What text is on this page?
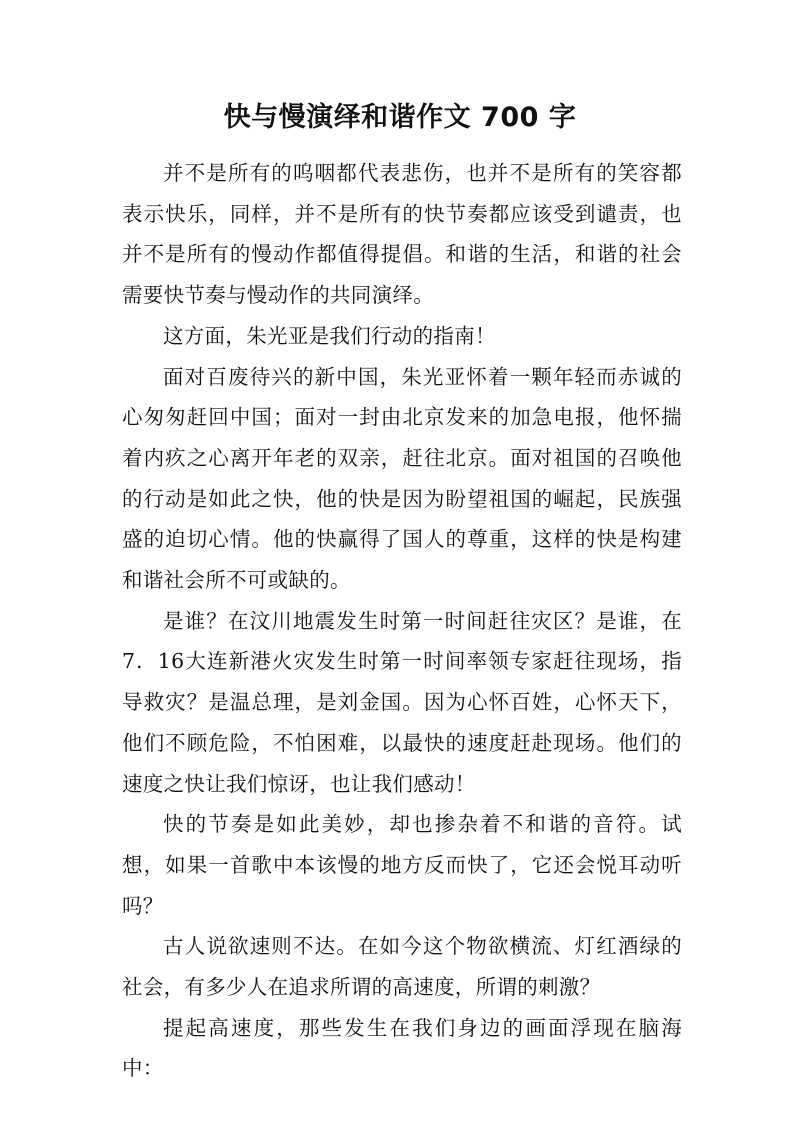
快与慢演绎和谐作文 700 字

并不是所有的呜咽都代表悲伤，也并不是所有的笑容都表示快乐，同样，并不是所有的快节奏都应该受到谴责，也并不是所有的慢动作都值得提倡。和谐的生活，和谐的社会需要快节奏与慢动作的共同演绎。

这方面，朱光亚是我们行动的指南！

面对百废待兴的新中国，朱光亚怀着一颗年轻而赤诚的心匆匆赶回中国；面对一封由北京发来的加急电报，他怀揣着内疚之心离开年老的双亲，赶往北京。面对祖国的召唤他的行动是如此之快，他的快是因为盼望祖国的崛起，民族强盛的迫切心情。他的快赢得了国人的尊重，这样的快是构建和谐社会所不可或缺的。

是谁？在汶川地震发生时第一时间赶往灾区？是谁，在7．16大连新港火灾发生时第一时间率领专家赶往现场，指导救灾？是温总理，是刘金国。因为心怀百姓，心怀天下，他们不顾危险，不怕困难，以最快的速度赶赴现场。他们的速度之快让我们惊讶，也让我们感动！

快的节奏是如此美妙，却也掺杂着不和谐的音符。试想，如果一首歌中本该慢的地方反而快了，它还会悦耳动听吗？

古人说欲速则不达。在如今这个物欲横流、灯红酒绿的社会，有多少人在追求所谓的高速度，所谓的刺激？

提起高速度，那些发生在我们身边的画面浮现在脑海中：
